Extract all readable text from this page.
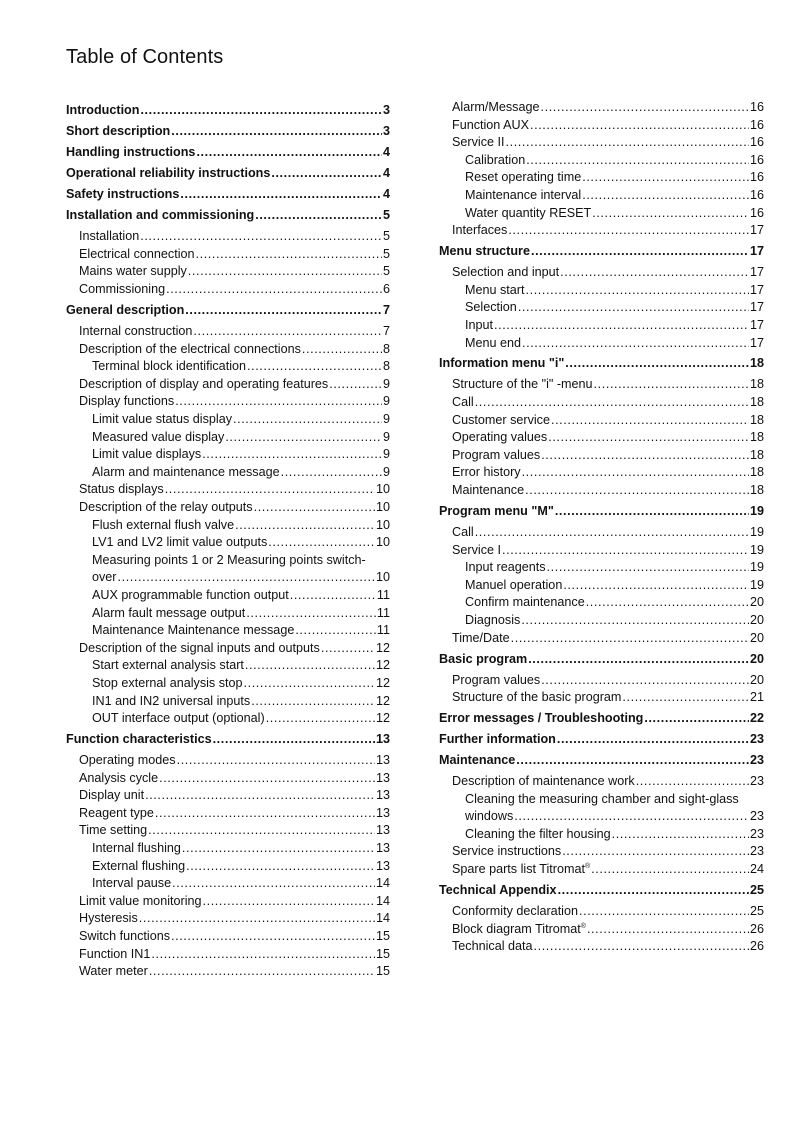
Table of Contents
Introduction .....	3
Short description .....	3
Handling instructions .....	4
Operational reliability instructions .....	4
Safety instructions .....	4
Installation and commissioning .....	5
Installation .....	5
Electrical connection .....	5
Mains water supply .....	5
Commissioning .....	6
General description .....	7
Internal construction .....	7
Description of the electrical connections .....	8
Terminal block identification .....	8
Description of display and operating features .....	9
Display functions .....	9
Limit value status display .....	9
Measured value display .....	9
Limit value displays .....	9
Alarm and maintenance message .....	9
Status displays .....	10
Description of the relay outputs .....	10
Flush external flush valve .....	10
LV1 and LV2 limit value outputs .....	10
Measuring points 1 or 2 Measuring points switch-
over .....	10
AUX programmable function output .....	11
Alarm fault message output .....	11
Maintenance Maintenance message .....	11
Description of the signal inputs and outputs .....	12
Start external analysis start .....	12
Stop external analysis stop .....	12
IN1 and IN2 universal inputs .....	12
OUT interface output (optional) .....	12
Function characteristics .....	13
Operating modes .....	13
Analysis cycle .....	13
Display unit .....	13
Reagent type .....	13
Time setting .....	13
Internal flushing .....	13
External flushing .....	13
Interval pause .....	14
Limit value monitoring .....	14
Hysteresis .....	14
Switch functions .....	15
Function IN1 .....	15
Water meter .....	15
Alarm/Message .....	16
Function AUX .....	16
Service II .....	16
Calibration .....	16
Reset operating time .....	16
Maintenance interval .....	16
Water quantity RESET .....	16
Interfaces .....	17
Menu structure .....	17
Selection and input .....	17
Menu start .....	17
Selection .....	17
Input .....	17
Menu end .....	17
Information menu "i" .....	18
Structure of the "i" -menu .....	18
Call .....	18
Customer service .....	18
Operating values .....	18
Program values .....	18
Error history .....	18
Maintenance .....	18
Program menu "M" .....	19
Call .....	19
Service I .....	19
Input reagents .....	19
Manuel operation .....	19
Confirm maintenance .....	20
Diagnosis .....	20
Time/Date .....	20
Basic program .....	20
Program values .....	20
Structure of the basic program .....	21
Error messages / Troubleshooting .....	22
Further information .....	23
Maintenance .....	23
Description of maintenance work .....	23
Cleaning the measuring chamber and sight-glass
windows .....	23
Cleaning the filter housing .....	23
Service instructions .....	23
Spare parts list Titromat® .....	24
Technical Appendix .....	25
Conformity declaration .....	25
Block diagram Titromat® .....	26
Technical data .....	26
